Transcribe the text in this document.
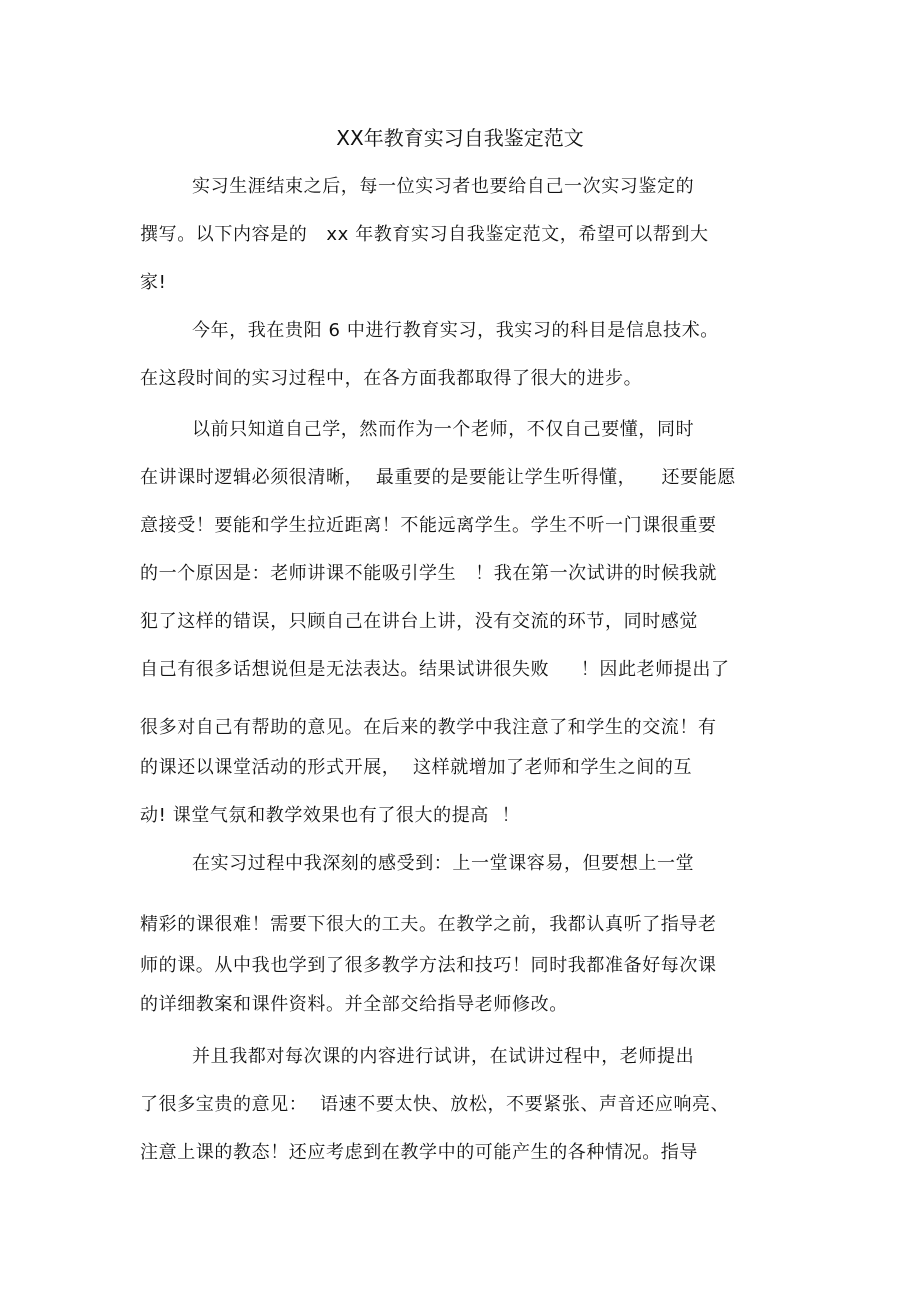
XX年教育实习自我鉴定范文
实习生涯结束之后，每一位实习者也要给自己一次实习鉴定的
撰写。以下内容是的   xx 年教育实习自我鉴定范文，希望可以帮到大
家!
今年，我在贵阳 6 中进行教育实习，我实习的科目是信息技术。
在这段时间的实习过程中，在各方面我都取得了很大的进步。
以前只知道自己学，然而作为一个老师，不仅自己要懂，同时
在讲课时逻辑必须很清晰，  最重要的是要能让学生听得懂，    还要能愿
意接受！要能和学生拉近距离！不能远离学生。学生不听一门课很重要
的一个原因是：老师讲课不能吸引学生   ！我在第一次试讲的时候我就
犯了这样的错误，只顾自己在讲台上讲，没有交流的环节，同时感觉
自己有很多话想说但是无法表达。结果试讲很失败     ！因此老师提出了
很多对自己有帮助的意见。在后来的教学中我注意了和学生的交流！有
的课还以课堂活动的形式开展，  这样就增加了老师和学生之间的互
动! 课堂气氛和教学效果也有了很大的提高  ！
在实习过程中我深刻的感受到：上一堂课容易，但要想上一堂
精彩的课很难！需要下很大的工夫。在教学之前，我都认真听了指导老
师的课。从中我也学到了很多教学方法和技巧！同时我都准备好每次课
的详细教案和课件资料。并全部交给指导老师修改。
并且我都对每次课的内容进行试讲，在试讲过程中，老师提出
了很多宝贵的意见：  语速不要太快、放松，不要紧张、声音还应响亮、
注意上课的教态！还应考虑到在教学中的可能产生的各种情况。指导
